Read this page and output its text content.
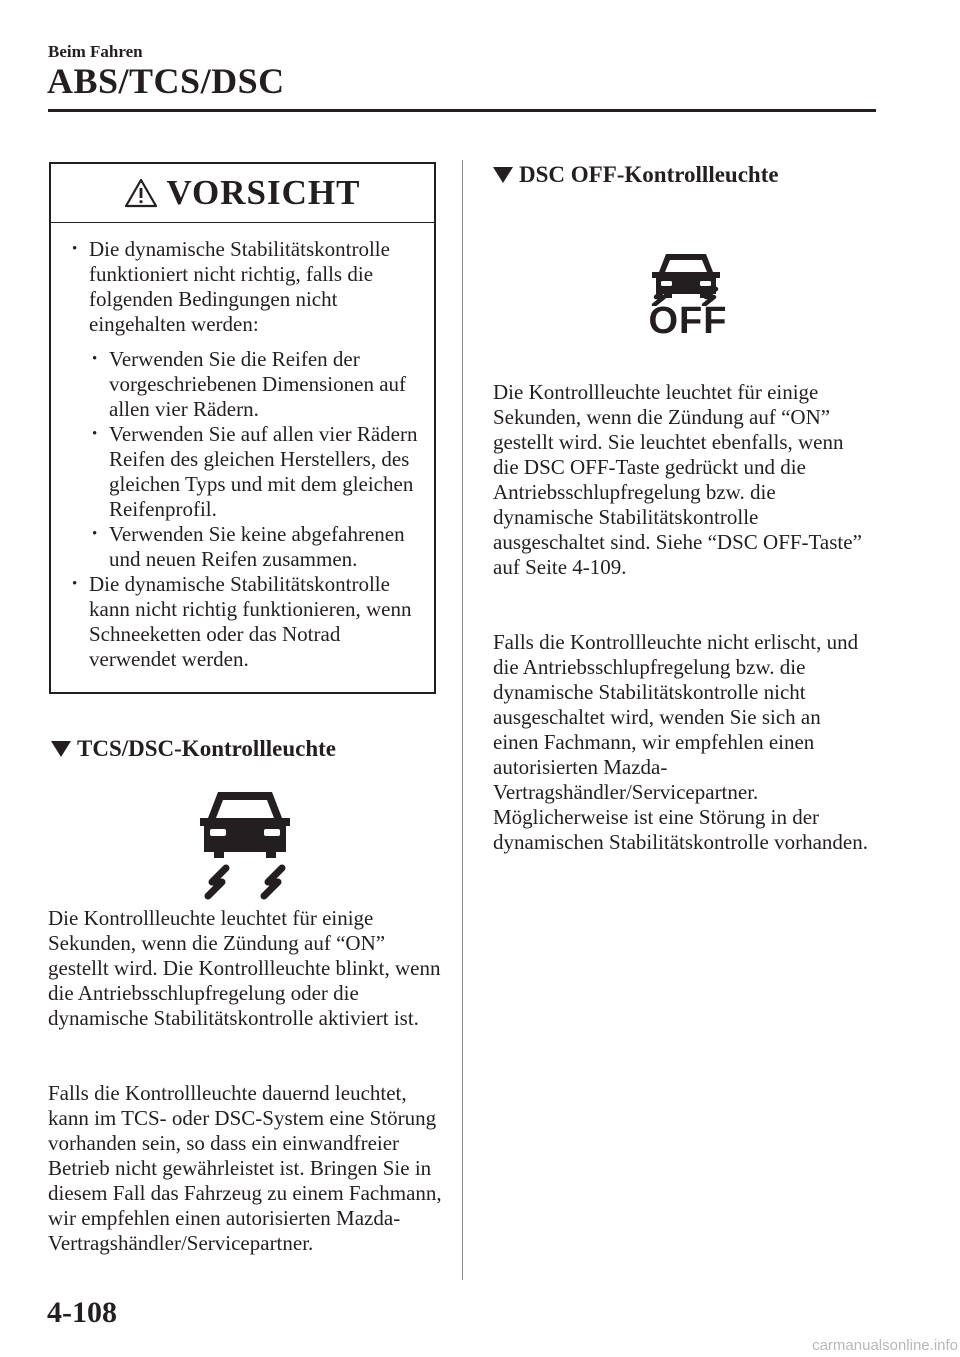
Beim Fahren
ABS/TCS/DSC
VORSICHT
• Die dynamische Stabilitätskontrolle funktioniert nicht richtig, falls die folgenden Bedingungen nicht eingehalten werden:
• Verwenden Sie die Reifen der vorgeschriebenen Dimensionen auf allen vier Rädern.
• Verwenden Sie auf allen vier Rädern Reifen des gleichen Herstellers, des gleichen Typs und mit dem gleichen Reifenprofil.
• Verwenden Sie keine abgefahrenen und neuen Reifen zusammen.
• Die dynamische Stabilitätskontrolle kann nicht richtig funktionieren, wenn Schneeketten oder das Notrad verwendet werden.
TCS/DSC-Kontrollleuchte
Die Kontrollleuchte leuchtet für einige Sekunden, wenn die Zündung auf “ON” gestellt wird. Die Kontrollleuchte blinkt, wenn die Antriebsschlupfregelung oder die dynamische Stabilitätskontrolle aktiviert ist.
Falls die Kontrollleuchte dauernd leuchtet, kann im TCS- oder DSC-System eine Störung vorhanden sein, so dass ein einwandfreier Betrieb nicht gewährleistet ist. Bringen Sie in diesem Fall das Fahrzeug zu einem Fachmann, wir empfehlen einen autorisierten Mazda-Vertragshändler/Servicepartner.
DSC OFF-Kontrollleuchte
OFF
Die Kontrollleuchte leuchtet für einige Sekunden, wenn die Zündung auf “ON” gestellt wird. Sie leuchtet ebenfalls, wenn die DSC OFF-Taste gedrückt und die Antriebsschlupfregelung bzw. die dynamische Stabilitätskontrolle ausgeschaltet sind. Siehe “DSC OFF-Taste” auf Seite 4-109.
Falls die Kontrollleuchte nicht erlischt, und die Antriebsschlupfregelung bzw. die dynamische Stabilitätskontrolle nicht ausgeschaltet wird, wenden Sie sich an einen Fachmann, wir empfehlen einen autorisierten Mazda-Vertragshändler/Servicepartner. Möglicherweise ist eine Störung in der dynamischen Stabilitätskontrolle vorhanden.
4-108
carmanualsonline.info
